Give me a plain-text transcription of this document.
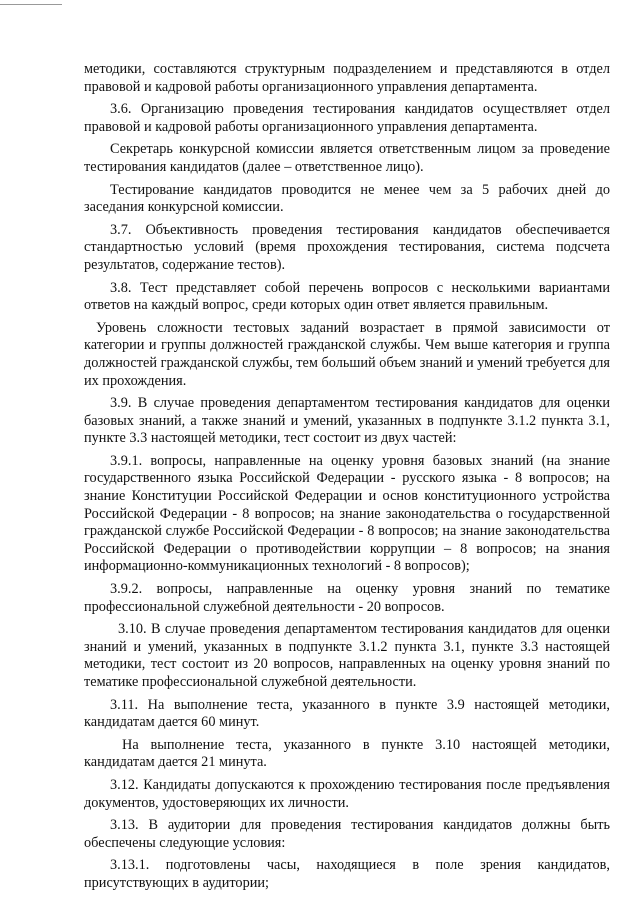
методики, составляются структурным подразделением и представляются в отдел правовой и кадровой работы организационного управления департамента.

3.6. Организацию проведения тестирования кандидатов осуществляет отдел правовой и кадровой работы организационного управления департамента.

Секретарь конкурсной комиссии является ответственным лицом за проведение тестирования кандидатов (далее – ответственное лицо).

Тестирование кандидатов проводится не менее чем за 5 рабочих дней до заседания конкурсной комиссии.

3.7. Объективность проведения тестирования кандидатов обеспечивается стандартностью условий (время прохождения тестирования, система подсчета результатов, содержание тестов).

3.8. Тест представляет собой перечень вопросов с несколькими вариантами ответов на каждый вопрос, среди которых один ответ является правильным.

Уровень сложности тестовых заданий возрастает в прямой зависимости от категории и группы должностей гражданской службы. Чем выше категория и группа должностей гражданской службы, тем больший объем знаний и умений требуется для их прохождения.

3.9. В случае проведения департаментом тестирования кандидатов для оценки базовых знаний, а также знаний и умений, указанных в подпункте 3.1.2 пункта 3.1, пункте 3.3 настоящей методики, тест состоит из двух частей:

3.9.1. вопросы, направленные на оценку уровня базовых знаний (на знание государственного языка Российской Федерации - русского языка - 8 вопросов; на знание Конституции Российской Федерации и основ конституционного устройства Российской Федерации - 8 вопросов; на знание законодательства о государственной гражданской службе Российской Федерации - 8 вопросов; на знание законодательства Российской Федерации о противодействии коррупции – 8 вопросов; на знания информационно-коммуникационных технологий - 8 вопросов);

3.9.2. вопросы, направленные на оценку уровня знаний по тематике профессиональной служебной деятельности - 20 вопросов.

3.10. В случае проведения департаментом тестирования кандидатов для оценки знаний и умений, указанных в подпункте 3.1.2 пункта 3.1, пункте 3.3 настоящей методики, тест состоит из 20 вопросов, направленных на оценку уровня знаний по тематике профессиональной служебной деятельности.

3.11. На выполнение теста, указанного в пункте 3.9 настоящей методики, кандидатам дается 60 минут.

На выполнение теста, указанного в пункте 3.10 настоящей методики, кандидатам дается 21 минута.

3.12. Кандидаты допускаются к прохождению тестирования после предъявления документов, удостоверяющих их личности.

3.13. В аудитории для проведения тестирования кандидатов должны быть обеспечены следующие условия:

3.13.1. подготовлены часы, находящиеся в поле зрения кандидатов, присутствующих в аудитории;
